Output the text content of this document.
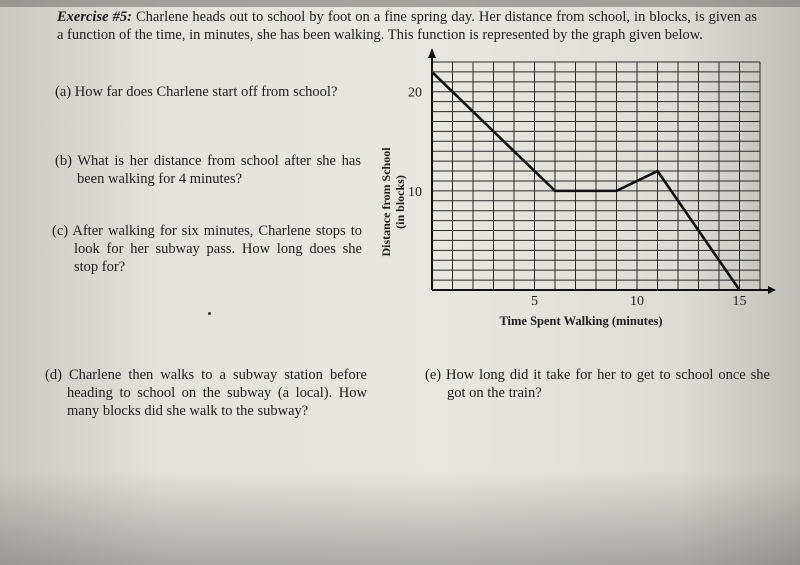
Exercise #5: Charlene heads out to school by foot on a fine spring day. Her distance from school, in blocks, is given as a function of the time, in minutes, she has been walking. This function is represented by the graph given below.
(a) How far does Charlene start off from school?
(b) What is her distance from school after she has been walking for 4 minutes?
(c) After walking for six minutes, Charlene stops to look for her subway pass. How long does she stop for?
(d) Charlene then walks to a subway station before heading to school on the subway (a local). How many blocks did she walk to the subway?
(e) How long did it take for her to get to school once she got on the train?
5	10	15
10
20
Time Spent Walking (minutes)
Distance from School (in blocks)
